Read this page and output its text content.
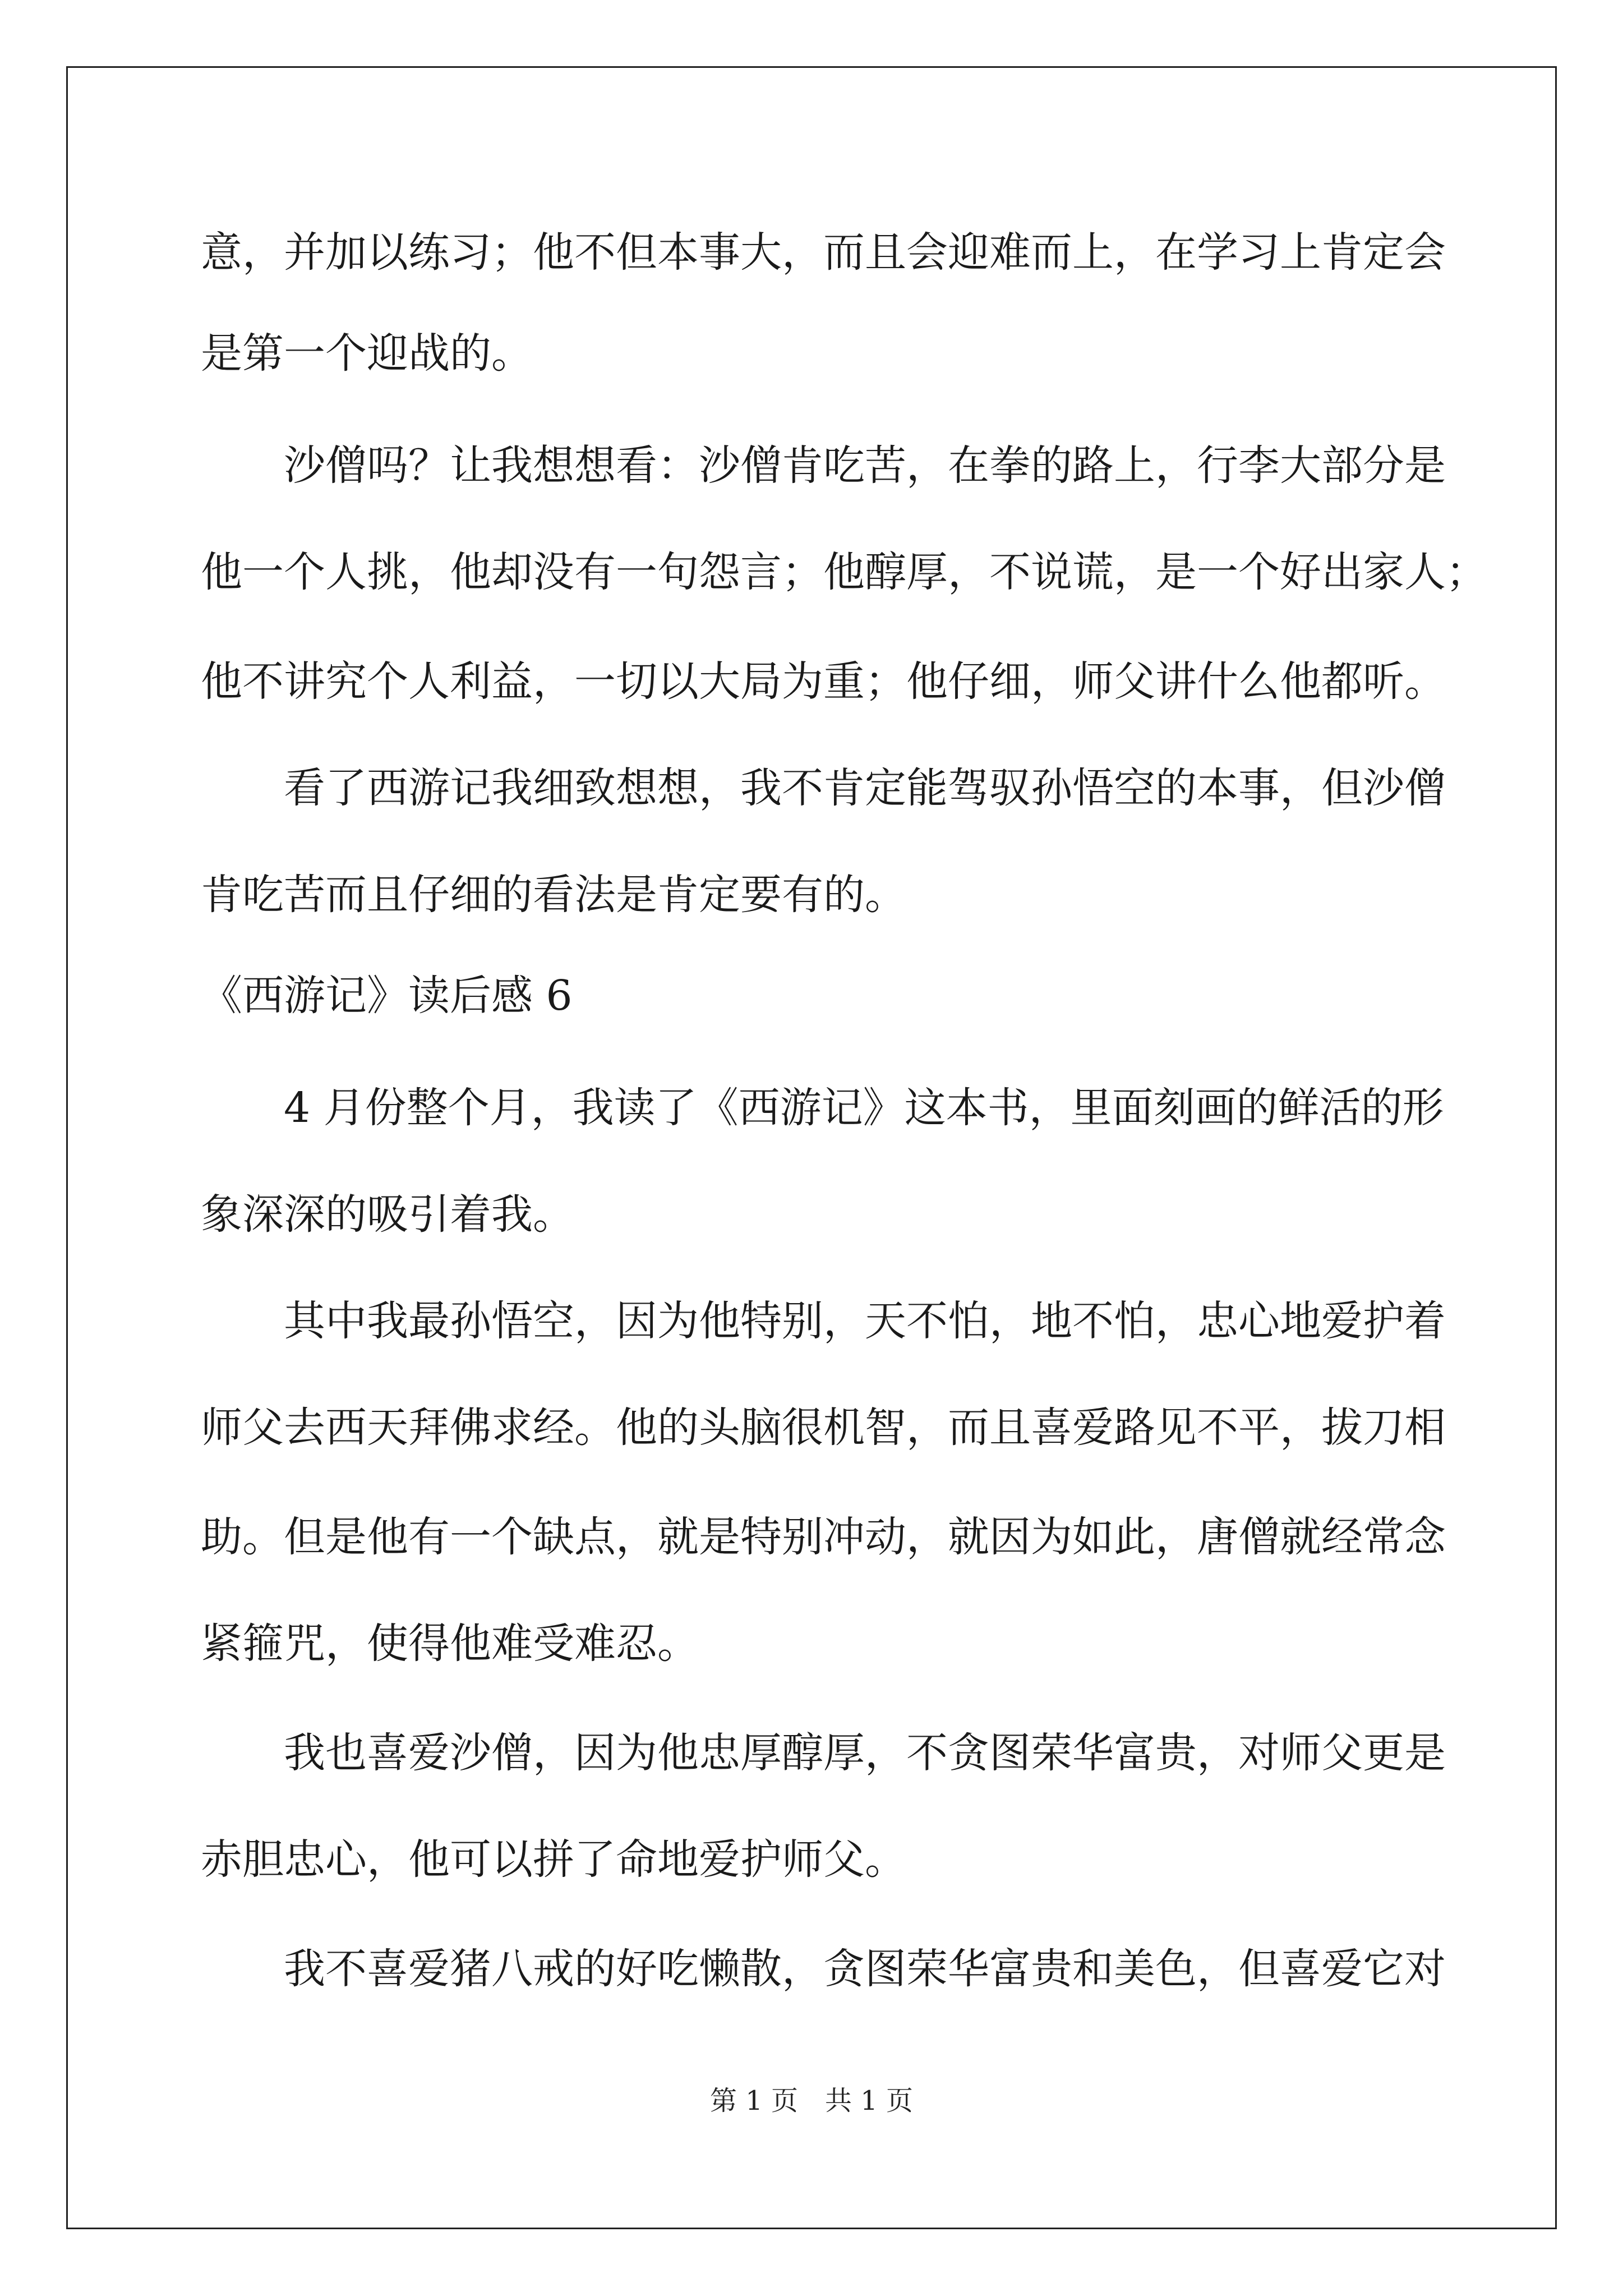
意，并加以练习；他不但本事大，而且会迎难而上，在学习上肯定会
是第一个迎战的。
沙僧吗？让我想想看：沙僧肯吃苦，在拳的路上，行李大部分是
他一个人挑，他却没有一句怨言；他醇厚，不说谎，是一个好出家人；
他不讲究个人利益，一切以大局为重；他仔细，师父讲什么他都听。
看了西游记我细致想想，我不肯定能驾驭孙悟空的本事，但沙僧
肯吃苦而且仔细的看法是肯定要有的。
《西游记》读后感 6
4 月份整个月，我读了《西游记》这本书，里面刻画的鲜活的形
象深深的吸引着我。
其中我最孙悟空，因为他特别，天不怕，地不怕，忠心地爱护着
师父去西天拜佛求经。他的头脑很机智，而且喜爱路见不平，拔刀相
助。但是他有一个缺点，就是特别冲动，就因为如此，唐僧就经常念
紧箍咒，使得他难受难忍。
我也喜爱沙僧，因为他忠厚醇厚，不贪图荣华富贵，对师父更是
赤胆忠心，他可以拼了命地爱护师父。
我不喜爱猪八戒的好吃懒散，贪图荣华富贵和美色，但喜爱它对
第 1 页　共 1 页
